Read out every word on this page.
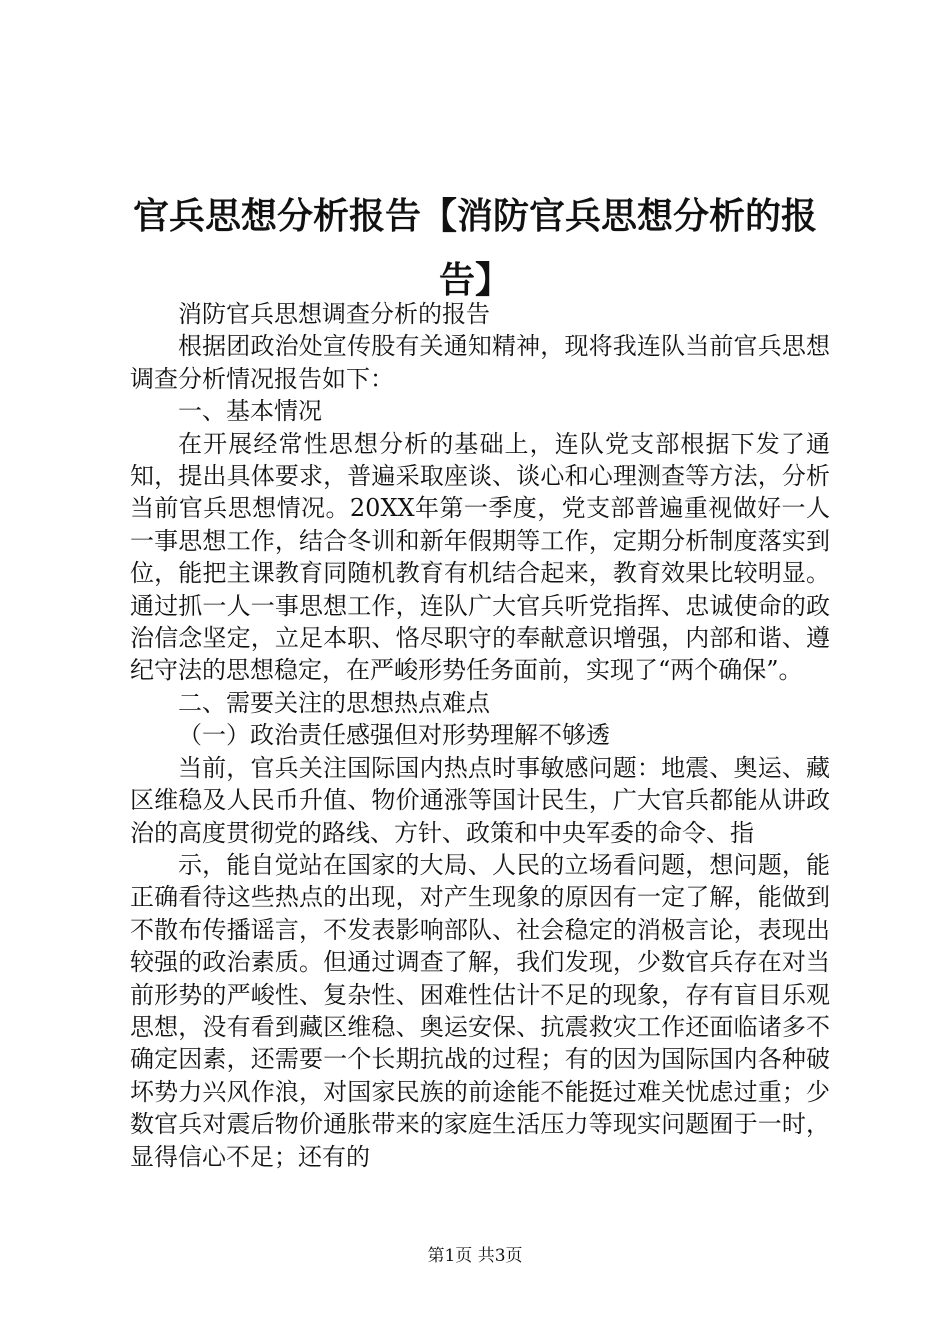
官兵思想分析报告【消防官兵思想分析的报告】

消防官兵思想调查分析的报告

根据团政治处宣传股有关通知精神，现将我连队当前官兵思想调查分析情况报告如下：

一、基本情况

在开展经常性思想分析的基础上，连队党支部根据下发了通知，提出具体要求，普遍采取座谈、谈心和心理测查等方法，分析当前官兵思想情况。20XX年第一季度，党支部普遍重视做好一人一事思想工作，结合冬训和新年假期等工作，定期分析制度落实到位，能把主课教育同随机教育有机结合起来，教育效果比较明显。通过抓一人一事思想工作，连队广大官兵听党指挥、忠诚使命的政治信念坚定，立足本职、恪尽职守的奉献意识增强，内部和谐、遵纪守法的思想稳定，在严峻形势任务面前，实现了“两个确保”。

二、需要关注的思想热点难点

（一）政治责任感强但对形势理解不够透

当前，官兵关注国际国内热点时事敏感问题：地震、奥运、藏区维稳及人民币升值、物价通涨等国计民生，广大官兵都能从讲政治的高度贯彻党的路线、方针、政策和中央军委的命令、指

示，能自觉站在国家的大局、人民的立场看问题，想问题，能正确看待这些热点的出现，对产生现象的原因有一定了解，能做到不散布传播谣言，不发表影响部队、社会稳定的消极言论，表现出较强的政治素质。但通过调查了解，我们发现，少数官兵存在对当前形势的严峻性、复杂性、困难性估计不足的现象，存有盲目乐观思想，没有看到藏区维稳、奥运安保、抗震救灾工作还面临诸多不确定因素，还需要一个长期抗战的过程；有的因为国际国内各种破坏势力兴风作浪，对国家民族的前途能不能挺过难关忧虑过重；少数官兵对震后物价通胀带来的家庭生活压力等现实问题囿于一时，显得信心不足；还有的

第1页 共3页
